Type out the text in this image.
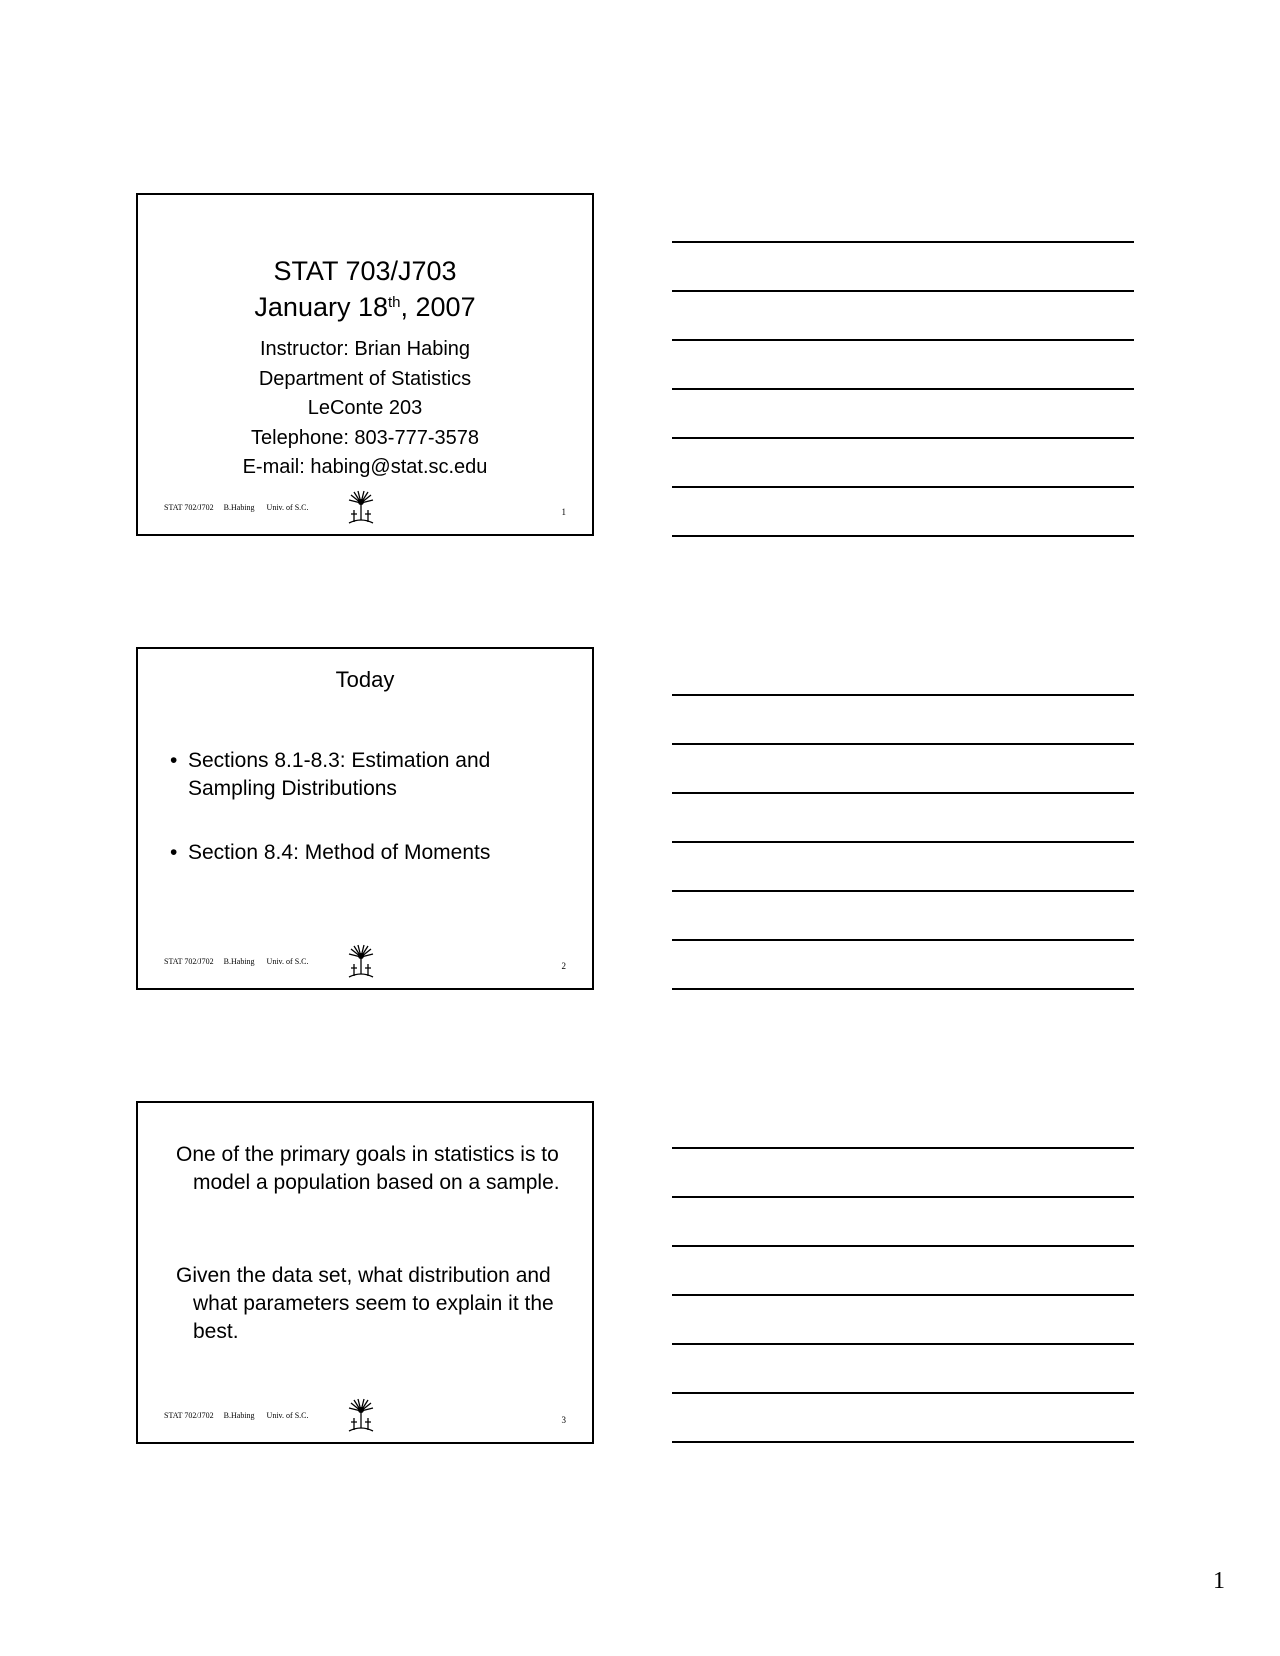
STAT 703/J703
January 18th, 2007
Instructor: Brian Habing
Department of Statistics
LeConte 203
Telephone: 803-777-3578
E-mail: habing@stat.sc.edu
STAT 702/J702     B.Habing      Univ. of S.C.	1
Today
• Sections 8.1-8.3: Estimation and Sampling Distributions
• Section 8.4: Method of Moments
STAT 702/J702     B.Habing      Univ. of S.C.	2
One of the primary goals in statistics is to model a population based on a sample.
Given the data set, what distribution and what parameters seem to explain it the best.
STAT 702/J702     B.Habing      Univ. of S.C.	3
1
